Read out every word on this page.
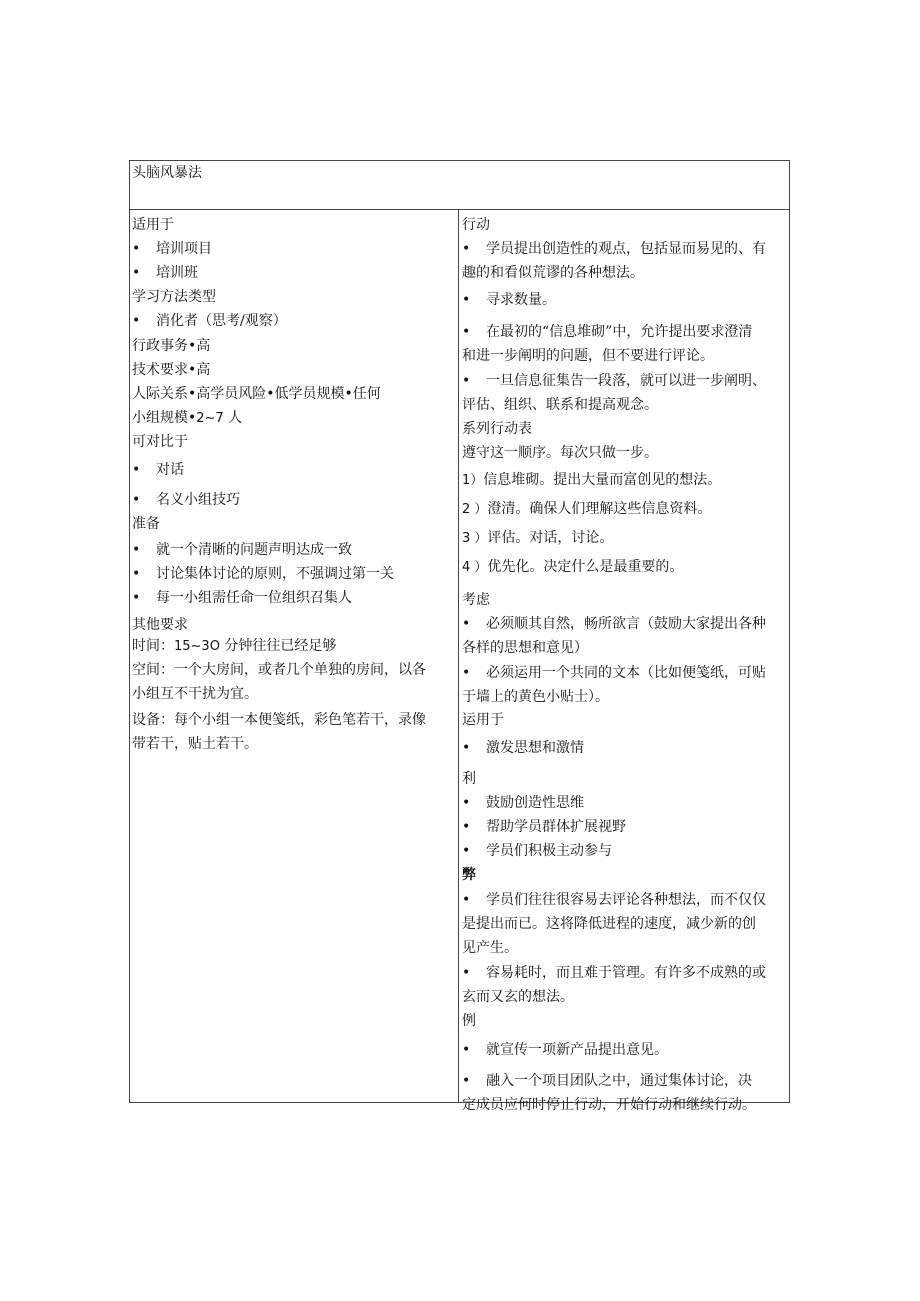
头脑风暴法
适用于
• 培训项目
• 培训班
学习方法类型
• 消化者（思考/观察）
行政事务•高
技术要求•高
人际关系•高学员风险•低学员规模•任何
小组规模•2~7 人
可对比于
• 对话
• 名义小组技巧
准备
• 就一个清晰的问题声明达成一致
• 讨论集体讨论的原则，不强调过第一关
• 每一小组需任命一位组织召集人
其他要求
时间：15~3O 分钟往往已经足够
空间：一个大房间，或者几个单独的房间，以各
小组互不干扰为宜。
设备：每个小组一本便笺纸，彩色笔若干，录像
带若干，贴土若干。
行动
• 学员提出创造性的观点，包括显而易见的、有
趣的和看似荒谬的各种想法。
• 寻求数量。
• 在最初的“信息堆砌”中，允许提出要求澄清
和进一步阐明的问题，但不要进行评论。
• 一旦信息征集告一段落，就可以进一步阐明、
评估、组织、联系和提高观念。
系列行动表
遵守这一顺序。每次只做一步。
1）信息堆砌。提出大量而富创见的想法。
2 ）澄清。确保人们理解这些信息资料。
3 ）评估。对话，讨论。
4 ）优先化。决定什么是最重要的。
考虑
• 必须顺其自然，畅所欲言（鼓励大家提出各种
各样的思想和意见）
• 必须运用一个共同的文本（比如便笺纸，可贴
于墙上的黄色小贴士）。
运用于
• 激发思想和激情
利
• 鼓励创造性思维
• 帮助学员群体扩展视野
• 学员们积极主动参与
弊
• 学员们往往很容易去评论各种想法，而不仅仅
是提出而已。这将降低进程的速度，减少新的创
见产生。
• 容易耗时，而且难于管理。有许多不成熟的或
玄而又玄的想法。
例
• 就宣传一项新产品提出意见。
• 融入一个项目团队之中，通过集体讨论，决
定成员应何时停止行动，开始行动和继续行动。
